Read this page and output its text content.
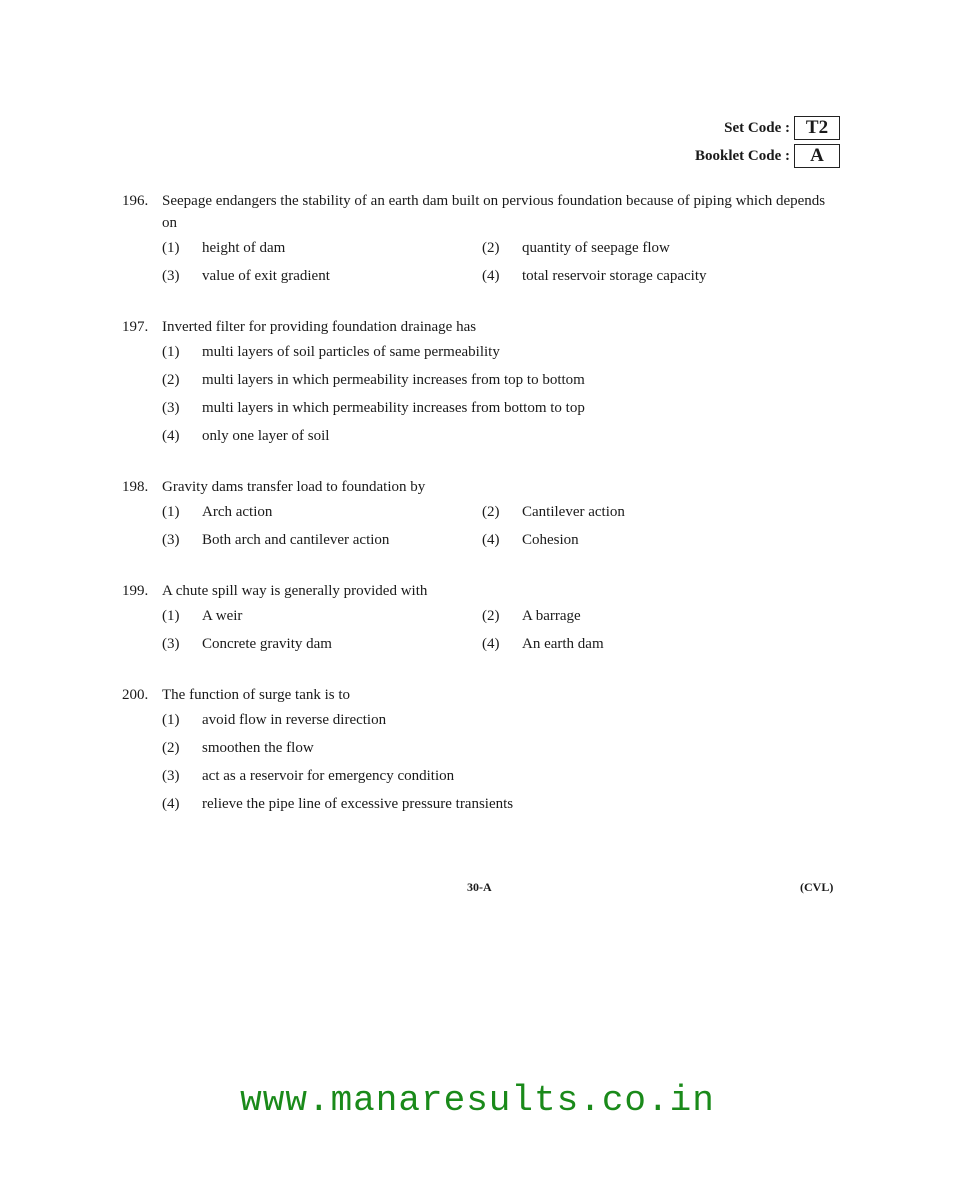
Set Code : T2
Booklet Code :	A
196. Seepage endangers the stability of an earth dam built on pervious foundation because of piping which depends on
(1)	height of dam	(2)	quantity of seepage flow
(3)	value of exit gradient	(4)	total reservoir storage capacity
197. Inverted filter for providing foundation drainage has
(1)	multi layers of soil particles of same permeability
(2)	multi layers in which permeability increases from top to bottom
(3)	multi layers in which permeability increases from bottom to top
(4)	only one layer of soil
198. Gravity dams transfer load to foundation by
(1)	Arch action	(2)	Cantilever action
(3)	Both arch and cantilever action	(4)	Cohesion
199. A chute spill way is generally provided with
(1)	A weir	(2)	A barrage
(3)	Concrete gravity dam	(4)	An earth dam
200. The function of surge tank is to
(1)	avoid flow in reverse direction
(2)	smoothen the flow
(3)	act as a reservoir for emergency condition
(4)	relieve the pipe line of excessive pressure transients
30-A	(CVL)
www.manaresults.co.in
